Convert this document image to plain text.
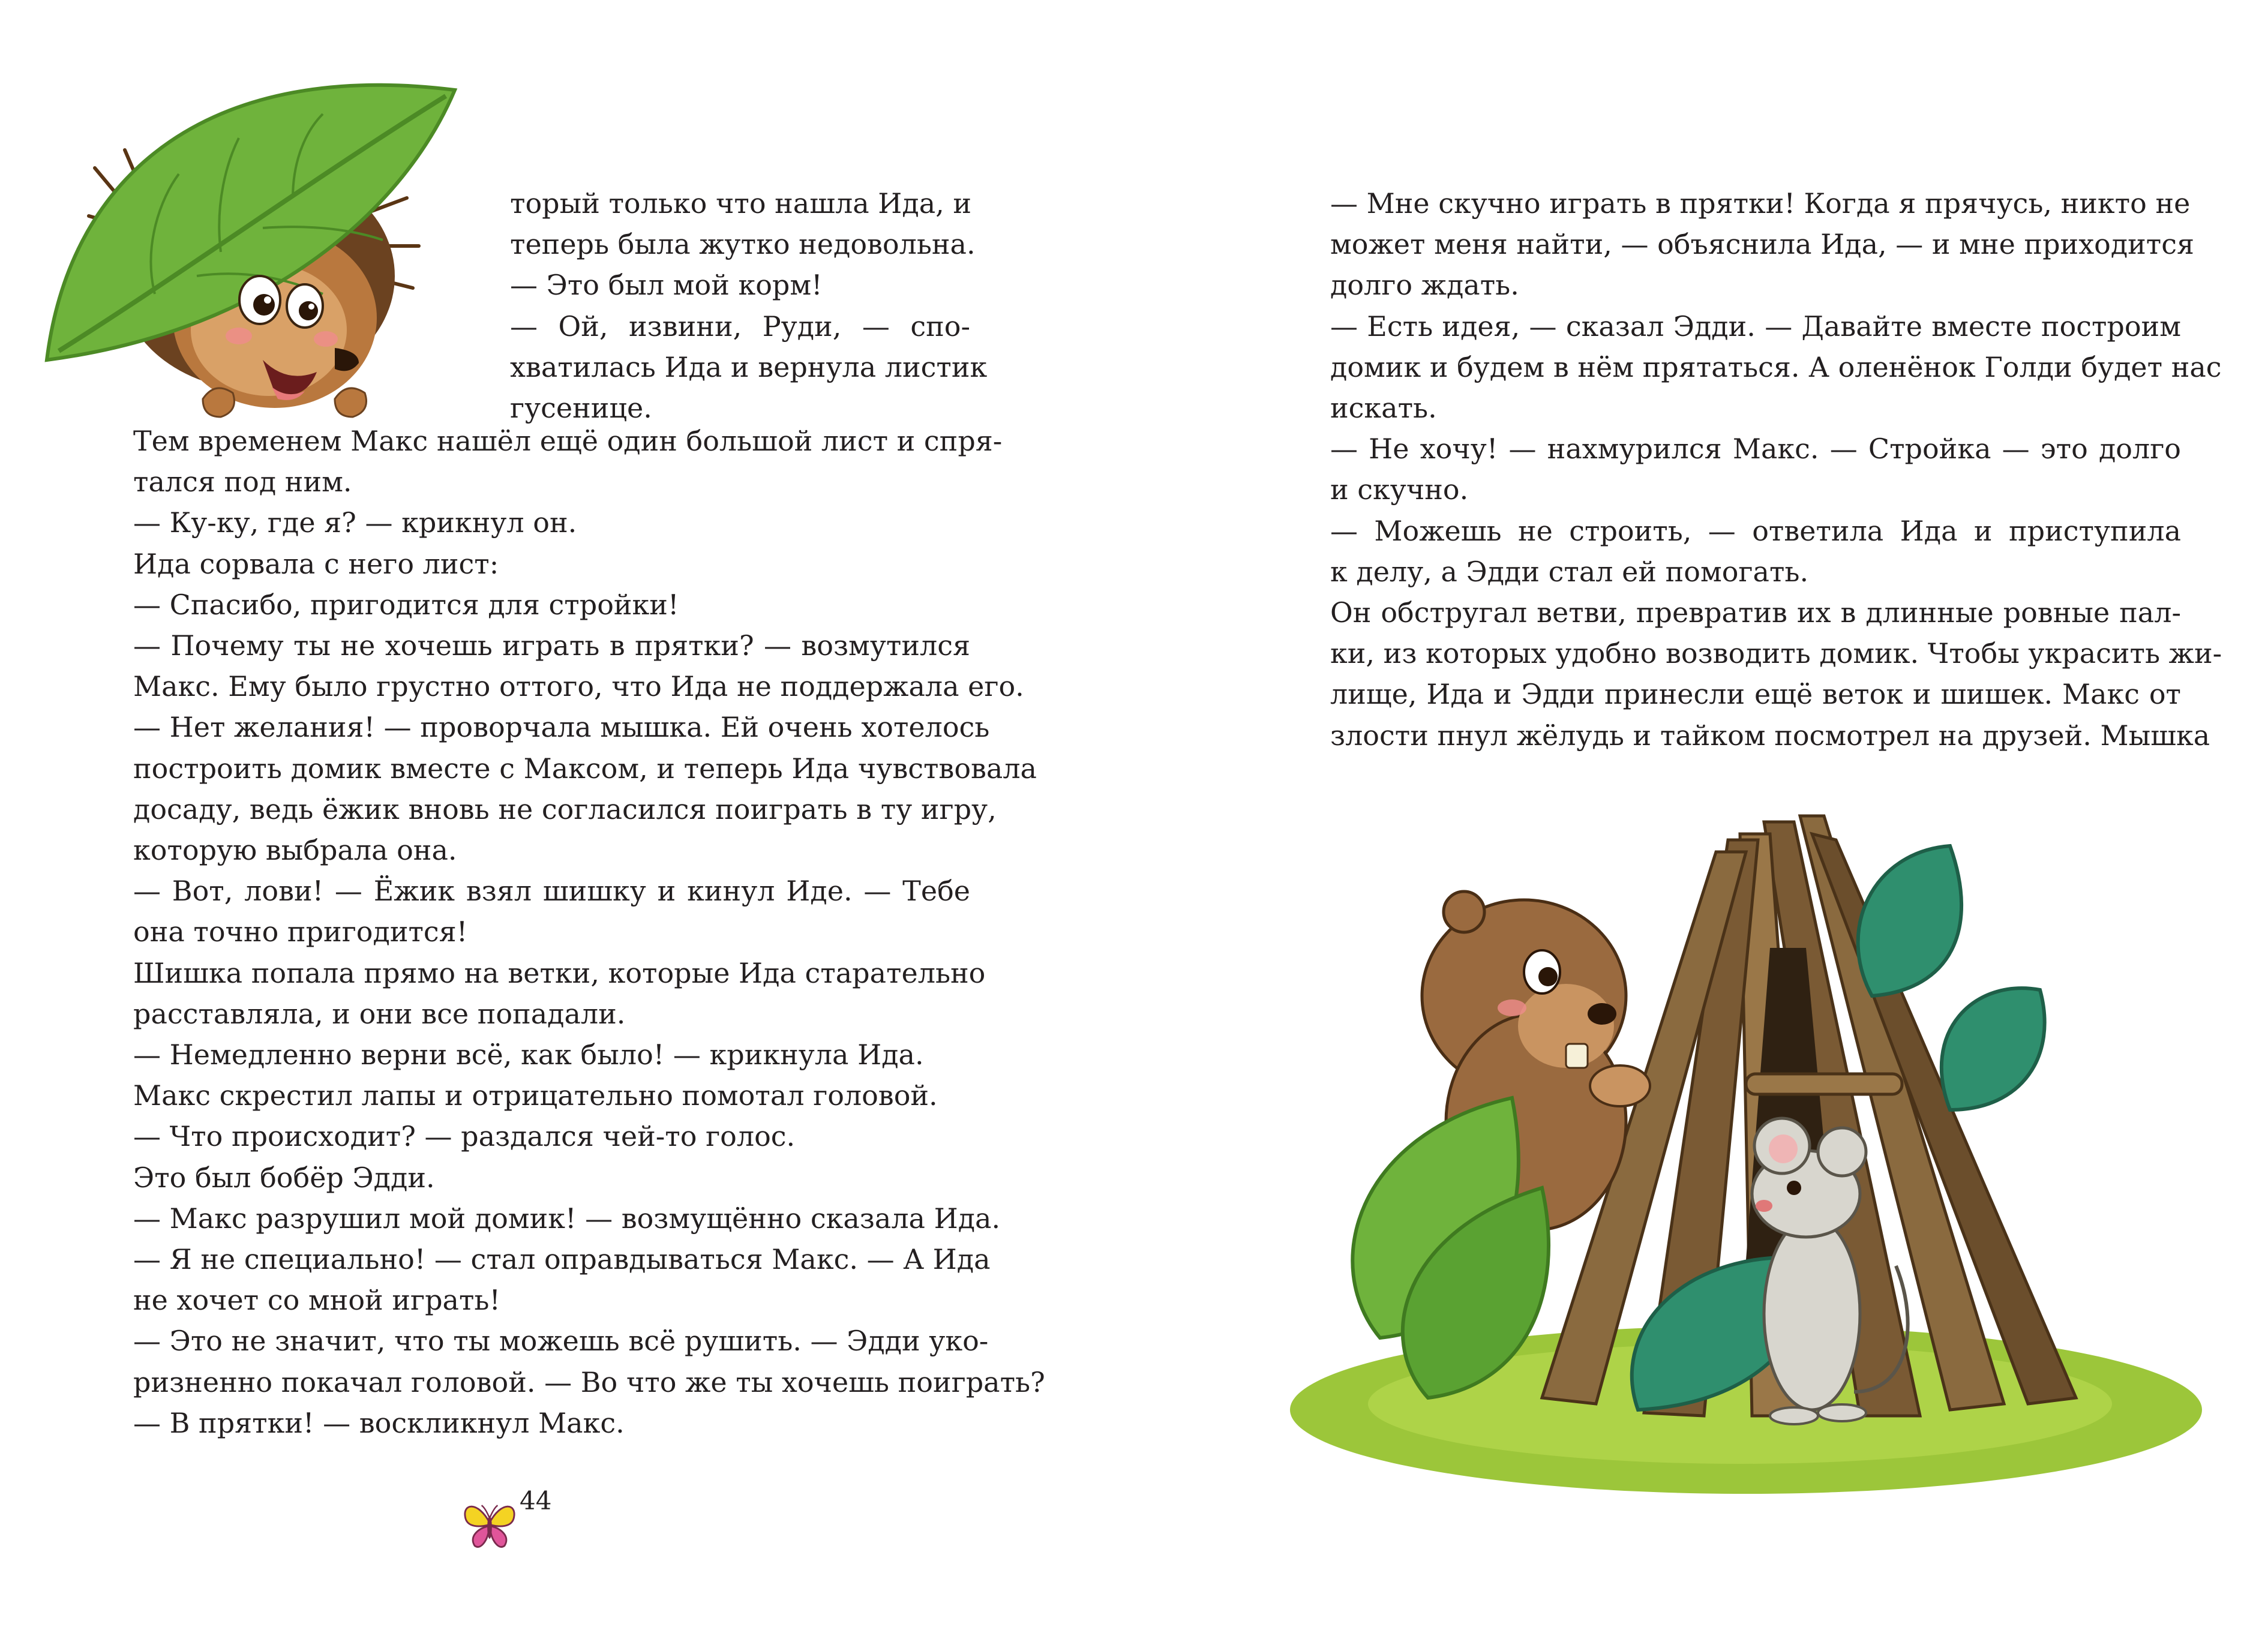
торый только что нашла Ида, и
теперь была жутко недовольна.
— Это был мой корм!
— Ой, извини, Руди, — спо-
хватилась Ида и вернула листик
гусенице.
Тем временем Макс нашёл ещё один большой лист и спря-
тался под ним.
— Ку-ку, где я? — крикнул он.
Ида сорвала с него лист:
— Спасибо, пригодится для стройки!
— Почему ты не хочешь играть в прятки? — возмутился
Макс. Ему было грустно оттого, что Ида не поддержала его.
— Нет желания! — проворчала мышка. Ей очень хотелось
построить домик вместе с Максом, и теперь Ида чувствовала
досаду, ведь ёжик вновь не согласился поиграть в ту игру,
которую выбрала она.
— Вот, лови! — Ёжик взял шишку и кинул Иде. — Тебе
она точно пригодится!
Шишка попала прямо на ветки, которые Ида старательно
расставляла, и они все попадали.
— Немедленно верни всё, как было! — крикнула Ида.
Макс скрестил лапы и отрицательно помотал головой.
— Что происходит? — раздался чей-то голос.
Это был бобёр Эдди.
— Макс разрушил мой домик! — возмущённо сказала Ида.
— Я не специально! — стал оправдываться Макс. — А Ида
не хочет со мной играть!
— Это не значит, что ты можешь всё рушить. — Эдди уко-
ризненно покачал головой. — Во что же ты хочешь поиграть?
— В прятки! — воскликнул Макс.
44
— Мне скучно играть в прятки! Когда я прячусь, никто не
может меня найти, — объяснила Ида, — и мне приходится
долго ждать.
— Есть идея, — сказал Эдди. — Давайте вместе построим
домик и будем в нём прятаться. А оленёнок Голди будет нас
искать.
— Не хочу! — нахмурился Макс. — Стройка — это долго
и скучно.
— Можешь не строить, — ответила Ида и приступила
к делу, а Эдди стал ей помогать.
Он обстругал ветви, превратив их в длинные ровные пал-
ки, из которых удобно возводить домик. Чтобы украсить жи-
лище, Ида и Эдди принесли ещё веток и шишек. Макс от
злости пнул жёлудь и тайком посмотрел на друзей. Мышка
